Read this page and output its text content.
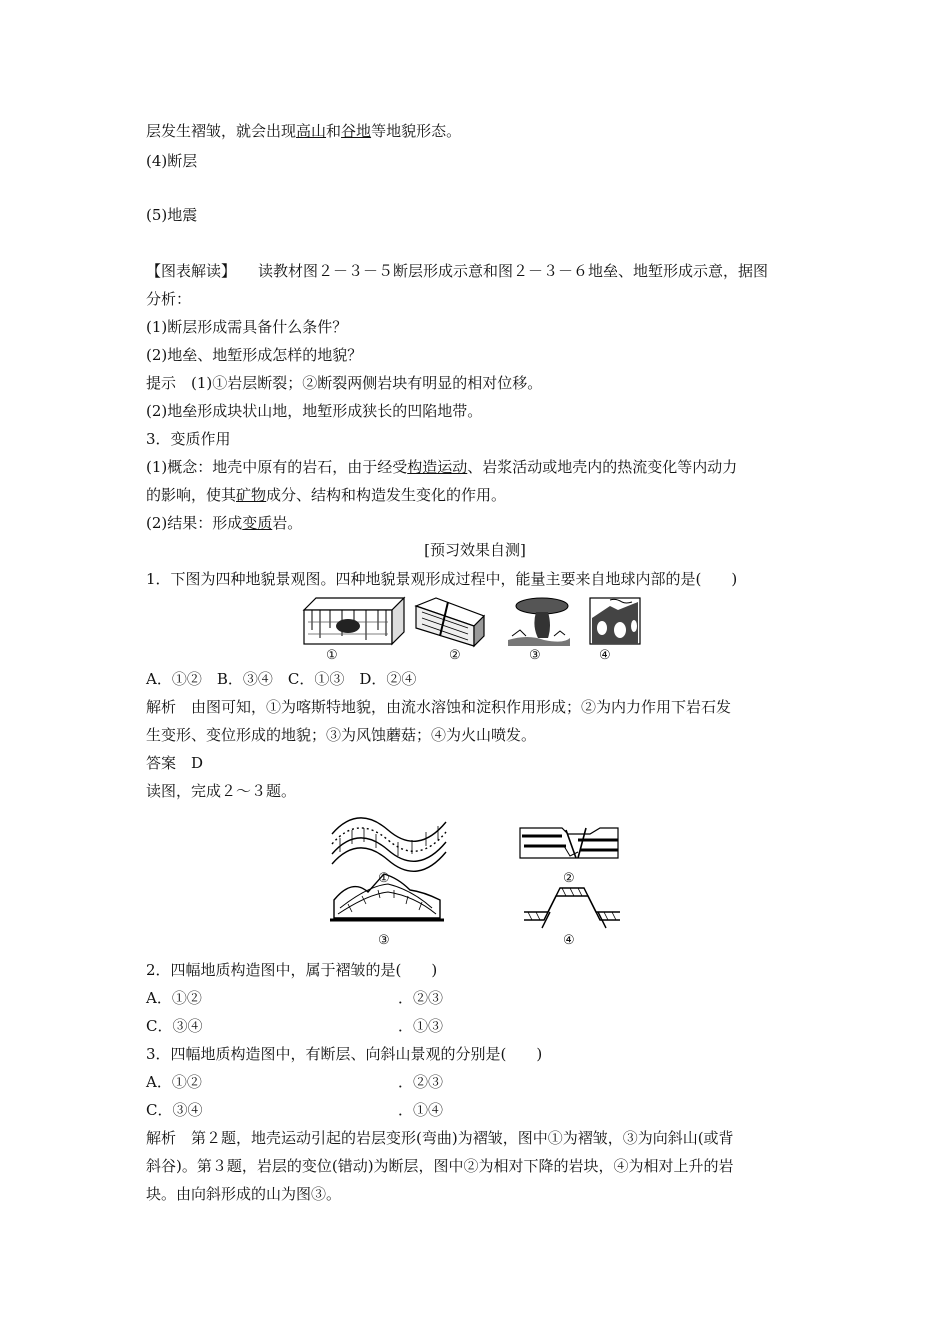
层发生褶皱，就会出现高山和谷地等地貌形态。
(4)断层
(5)地震
【图表解读】 读教材图２－３－５断层形成示意和图２－３－６地垒、地堑形成示意，据图
分析：
(1)断层形成需具备什么条件？
(2)地垒、地堑形成怎样的地貌？
提示　(1)①岩层断裂；②断裂两侧岩块有明显的相对位移。
(2)地垒形成块状山地，地堑形成狭长的凹陷地带。
3．变质作用
(1)概念：地壳中原有的岩石，由于经受构造运动、岩浆活动或地壳内的热流变化等内动力
的影响，使其矿物成分、结构和构造发生变化的作用。
(2)结果：形成变质岩。
[预习效果自测]
1．下图为四种地貌景观图。四种地貌景观形成过程中，能量主要来自地球内部的是(　　)
①	②	③	④
A．①②　B．③④　C．①③　D．②④
解析　由图可知，①为喀斯特地貌，由流水溶蚀和淀积作用形成；②为内力作用下岩石发
生变形、变位形成的地貌；③为风蚀蘑菇；④为火山喷发。
答案　D
读图，完成２～３题。
①	②
③	④
2．四幅地质构造图中，属于褶皱的是(　　)
A．①②	．②③
C．③④	．①③
3．四幅地质构造图中，有断层、向斜山景观的分别是(　　)
A．①②	．②③
C．③④	．①④
解析　第２题，地壳运动引起的岩层变形(弯曲)为褶皱，图中①为褶皱，③为向斜山(或背
斜谷)。第３题，岩层的变位(错动)为断层，图中②为相对下降的岩块，④为相对上升的岩
块。由向斜形成的山为图③。
